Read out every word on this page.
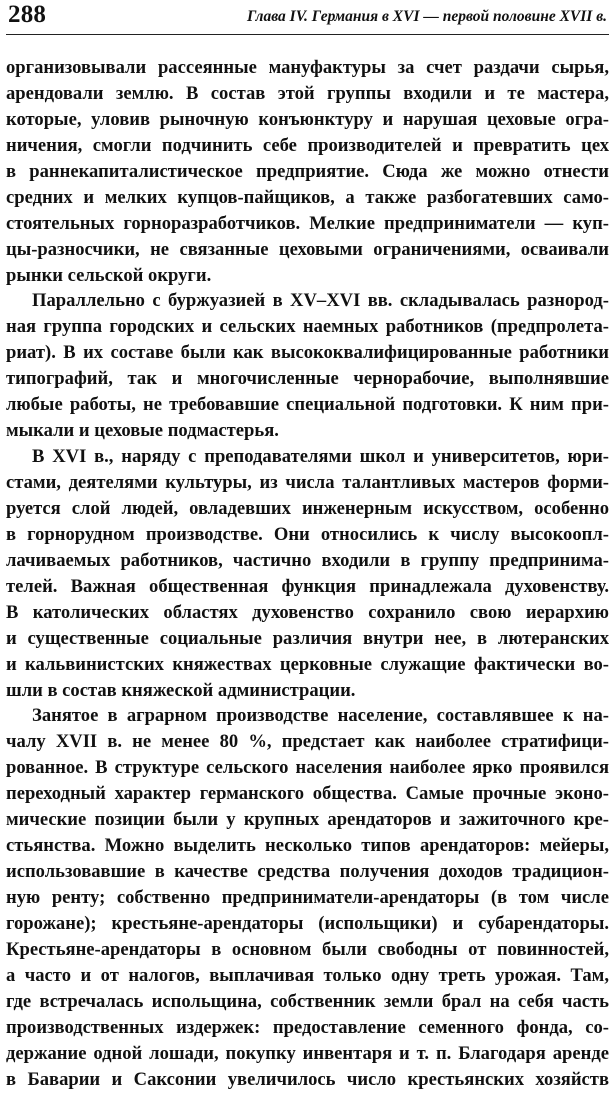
288	Глава IV. Германия в XVI — первой половине XVII в.
организовывали рассеянные мануфактуры за счет раздачи сырья,
арендовали землю. В состав этой группы входили и те мастера,
которые, уловив рыночную конъюнктуру и нарушая цеховые огра-
ничения, смогли подчинить себе производителей и превратить цех
в раннекапиталистическое предприятие. Сюда же можно отнести
средних и мелких купцов-пайщиков, а также разбогатевших само-
стоятельных горноразработчиков. Мелкие предприниматели — куп-
цы-разносчики, не связанные цеховыми ограничениями, осваивали
рынки сельской округи.
Параллельно с буржуазией в XV–XVI вв. складывалась разнород-
ная группа городских и сельских наемных работников (предпролета-
риат). В их составе были как высококвалифицированные работники
типографий, так и многочисленные чернорабочие, выполнявшие
любые работы, не требовавшие специальной подготовки. К ним при-
мыкали и цеховые подмастерья.
В XVI в., наряду с преподавателями школ и университетов, юри-
стами, деятелями культуры, из числа талантливых мастеров форми-
руется слой людей, овладевших инженерным искусством, особенно
в горнорудном производстве. Они относились к числу высокоопл-
лачиваемых работников, частично входили в группу предпринима-
телей. Важная общественная функция принадлежала духовенству.
В католических областях духовенство сохранило свою иерархию
и существенные социальные различия внутри нее, в лютеранских
и кальвинистских княжествах церковные служащие фактически во-
шли в состав княжеской администрации.
Занятое в аграрном производстве население, составлявшее к на-
чалу XVII в. не менее 80 %, предстает как наиболее стратифици-
рованное. В структуре сельского населения наиболее ярко проявился
переходный характер германского общества. Самые прочные эконо-
мические позиции были у крупных арендаторов и зажиточного кре-
стьянства. Можно выделить несколько типов арендаторов: мейеры,
использовавшие в качестве средства получения доходов традицион-
ную ренту; собственно предприниматели-арендаторы (в том числе
горожане); крестьяне-арендаторы (испольщики) и субарендаторы.
Крестьяне-арендаторы в основном были свободны от повинностей,
а часто и от налогов, выплачивая только одну треть урожая. Там,
где встречалась испольщина, собственник земли брал на себя часть
производственных издержек: предоставление семенного фонда, со-
держание одной лошади, покупку инвентаря и т. п. Благодаря аренде
в Баварии и Саксонии увеличилось число крестьянских хозяйств
